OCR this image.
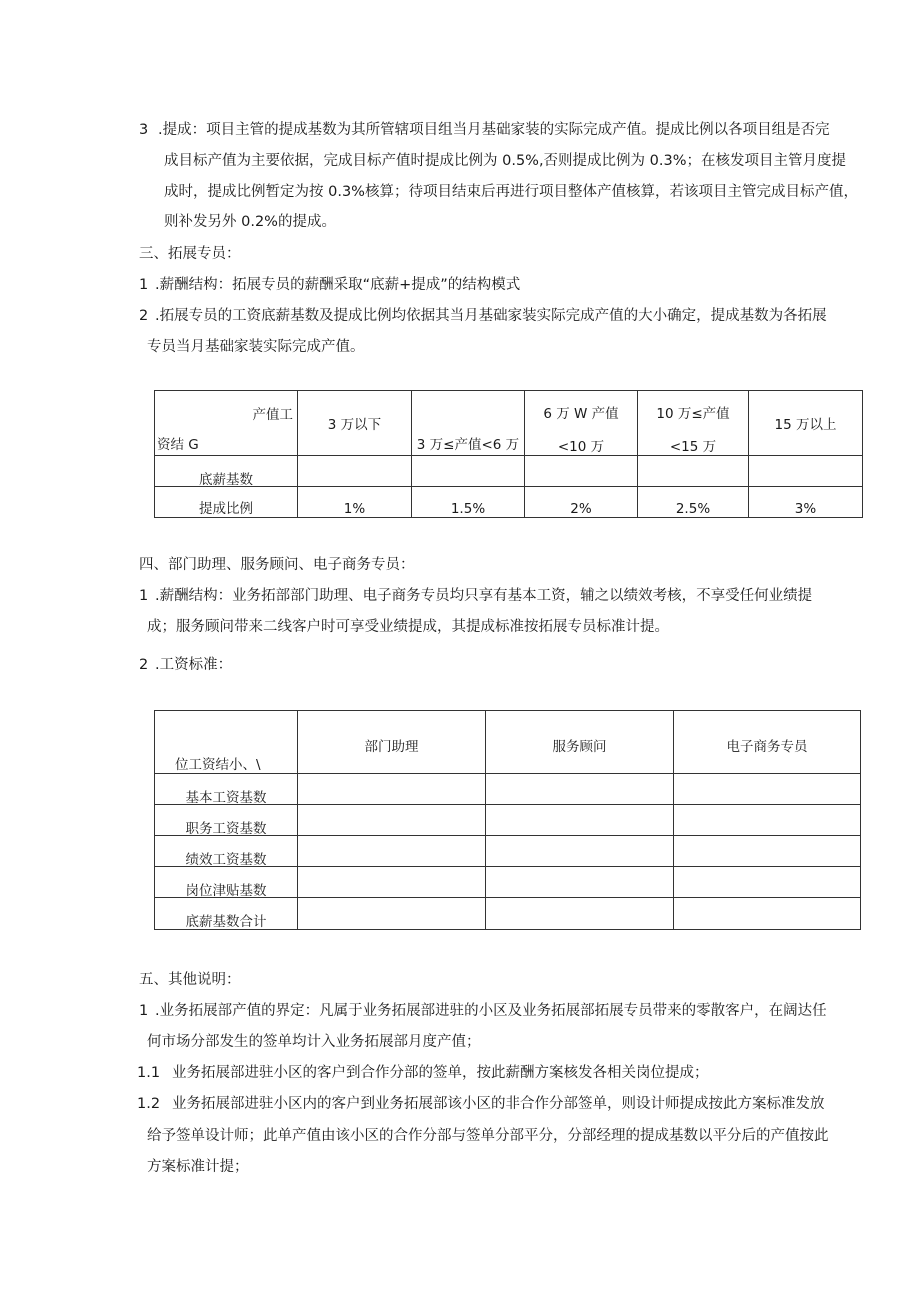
3 .提成：项目主管的提成基数为其所管辖项目组当月基础家装的实际完成产值。提成比例以各项目组是否完
成目标产值为主要依据，完成目标产值时提成比例为 0.5%,否则提成比例为 0.3%；在核发项目主管月度提
成时，提成比例暂定为按 0.3%核算；待项目结束后再进行项目整体产值核算，若该项目主管完成目标产值，
则补发另外 0.2%的提成。
三、拓展专员：
1 .薪酬结构：拓展专员的薪酬采取“底薪+提成”的结构模式
2 .拓展专员的工资底薪基数及提成比例均依据其当月基础家装实际完成产值的大小确定，提成基数为各拓展
专员当月基础家装实际完成产值。
产值工
资结 G	3 万以下	3 万≤产值<6 万	6 万 W 产值
<10 万	10 万≤产值
<15 万	15 万以上

底薪基数					

提成比例	1%	1.5%	2%	2.5%	3%
四、部门助理、服务顾问、电子商务专员：
1 .薪酬结构：业务拓部部门助理、电子商务专员均只享有基本工资，辅之以绩效考核，不享受任何业绩提
成；服务顾问带来二线客户时可享受业绩提成，其提成标准按拓展专员标准计提。
2 .工资标准：
位工资结小、\	部门助理	服务顾问	电子商务专员

基本工资基数			

职务工资基数			

绩效工资基数			

岗位津贴基数			

底薪基数合计			

五、其他说明：
1 .业务拓展部产值的界定：凡属于业务拓展部进驻的小区及业务拓展部拓展专员带来的零散客户，在阔达任
何市场分部发生的签单均计入业务拓展部月度产值；
1.1 业务拓展部进驻小区的客户到合作分部的签单，按此薪酬方案核发各相关岗位提成；
1.2 业务拓展部进驻小区内的客户到业务拓展部该小区的非合作分部签单，则设计师提成按此方案标准发放
给予签单设计师；此单产值由该小区的合作分部与签单分部平分，分部经理的提成基数以平分后的产值按此
方案标准计提；
